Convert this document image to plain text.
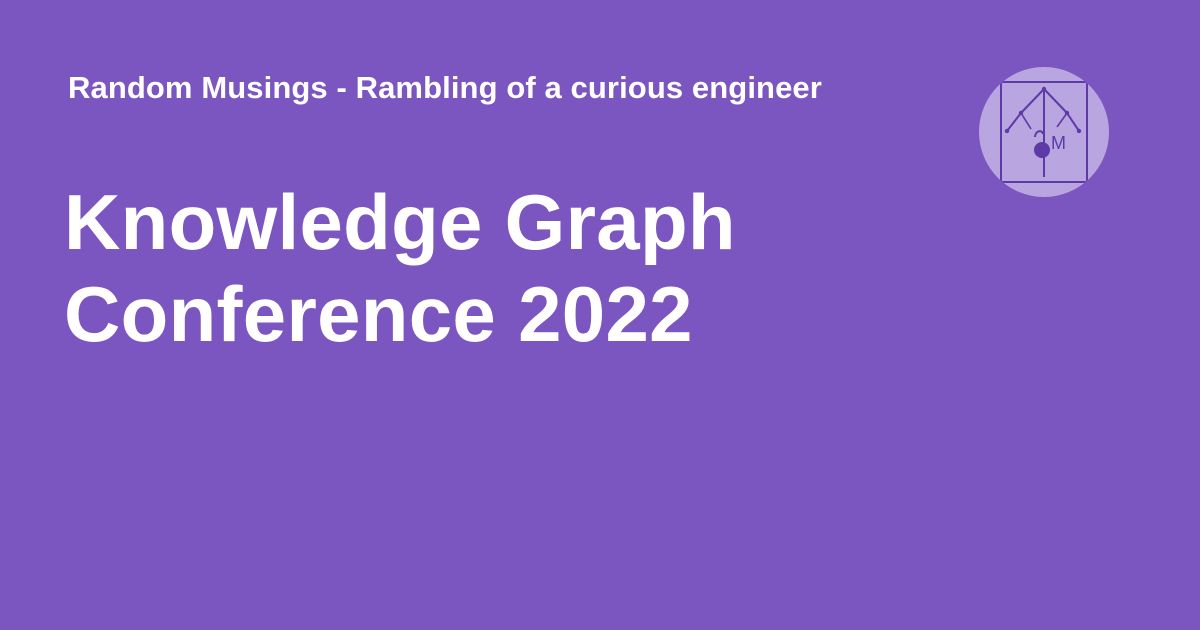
Random Musings - Rambling of a curious engineer
Knowledge Graph
Conference 2022
M
